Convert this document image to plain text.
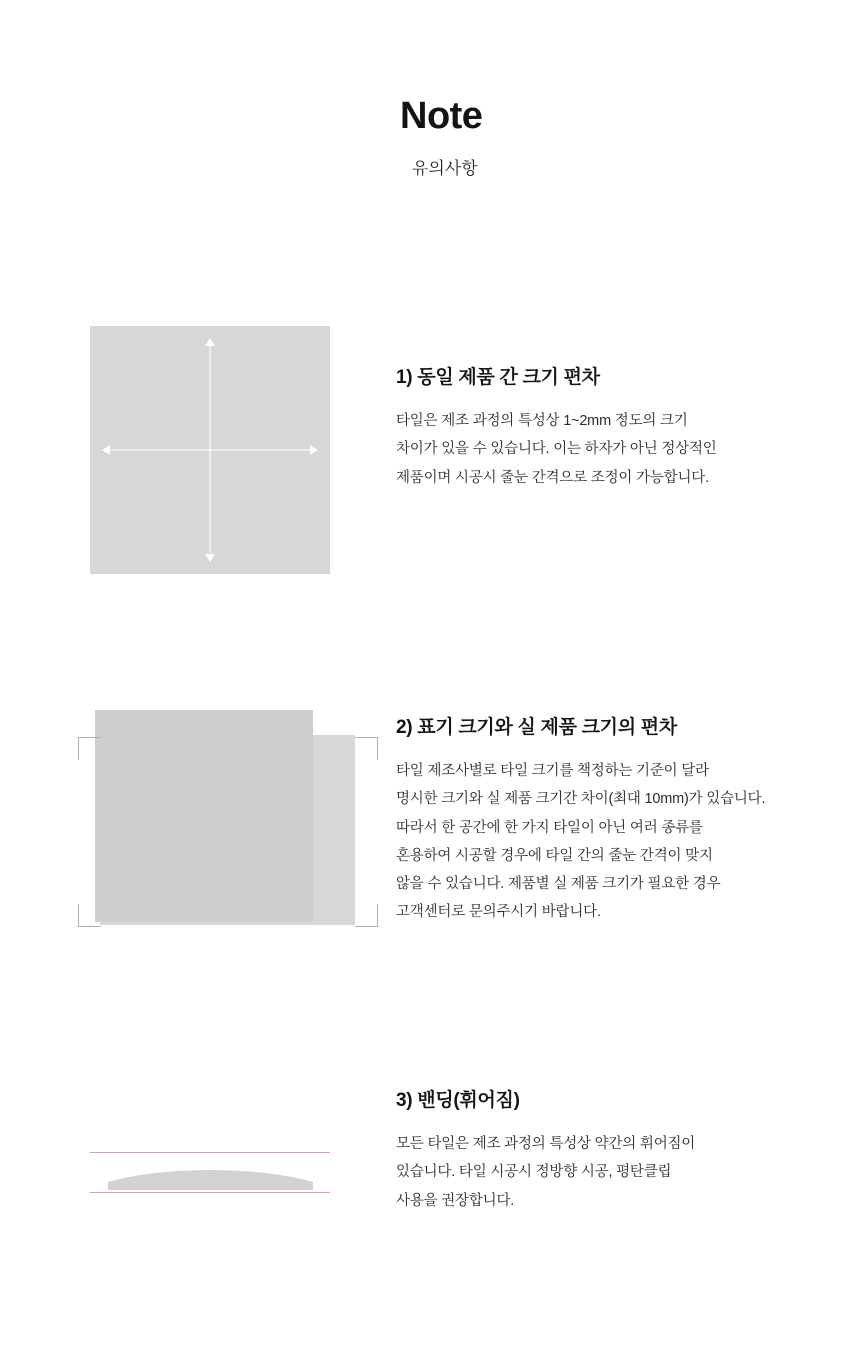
Note
유의사항
1) 동일 제품 간 크기 편차
타일은 제조 과정의 특성상 1~2mm 정도의 크기
차이가 있을 수 있습니다. 이는 하자가 아닌 정상적인
제품이며 시공시 줄눈 간격으로 조정이 가능합니다.
2) 표기 크기와 실 제품 크기의 편차
타일 제조사별로 타일 크기를 책정하는 기준이 달라
명시한 크기와 실 제품 크기간 차이(최대 10mm)가 있습니다.
따라서 한 공간에 한 가지 타일이 아닌 여러 종류를
혼용하여 시공할 경우에 타일 간의 줄눈 간격이 맞지
않을 수 있습니다. 제품별 실 제품 크기가 필요한 경우
고객센터로 문의주시기 바랍니다.
3) 밴딩(휘어짐)
모든 타일은 제조 과정의 특성상 약간의 휘어짐이
있습니다. 타일 시공시 정방향 시공, 평탄클립
사용을 권장합니다.
